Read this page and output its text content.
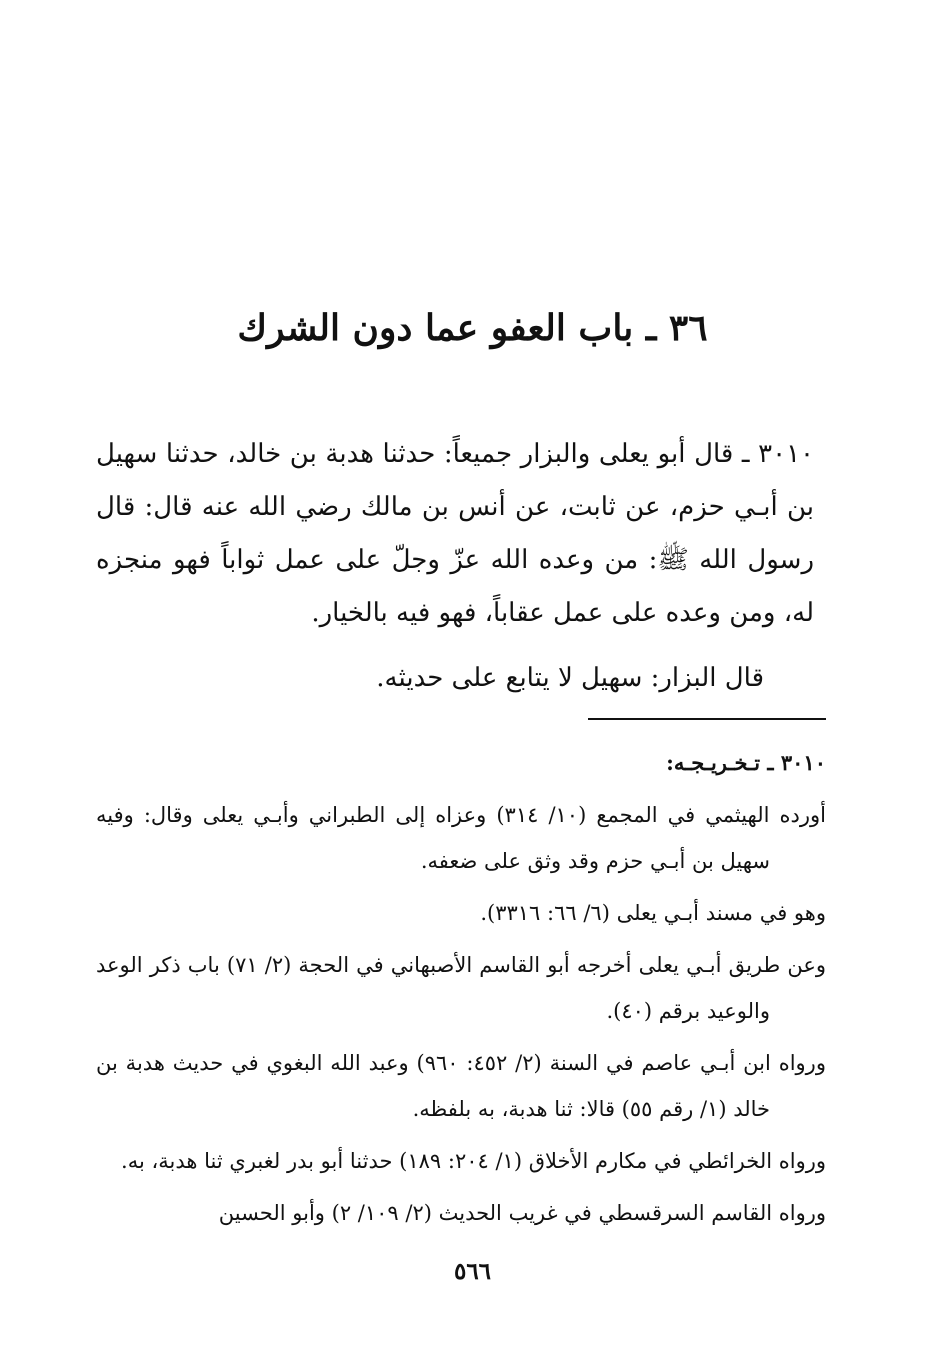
٣٦ ـ باب العفو عما دون الشرك

٣٠١٠ ـ قال أبو يعلى والبزار جميعاً: حدثنا هدبة بن خالد، حدثنا سهيل بن أبـي حزم، عن ثابت، عن أنس بن مالك رضي الله عنه قال: قال رسول الله ﷺ: من وعده الله عزّ وجلّ على عمل ثواباً فهو منجزه له، ومن وعده على عمل عقاباً، فهو فيه بالخيار.

قال البزار: سهيل لا يتابع على حديثه.

٣٠١٠ ـ تـخـريـجـه:

أورده الهيثمي في المجمع (١٠/ ٣١٤) وعزاه إلى الطبراني وأبـي يعلى وقال: وفيه سهيل بن أبـي حزم وقد وثق على ضعفه.

وهو في مسند أبـي يعلى (٦/ ٦٦: ٣٣١٦).

وعن طريق أبـي يعلى أخرجه أبو القاسم الأصبهاني في الحجة (٢/ ٧١) باب ذكر الوعد والوعيد برقم (٤٠).

ورواه ابن أبـي عاصم في السنة (٢/ ٤٥٢: ٩٦٠) وعبد الله البغوي في حديث هدبة بن خالد (١/ رقم ٥٥) قالا: ثنا هدبة، به بلفظه.

ورواه الخرائطي في مكارم الأخلاق (١/ ٢٠٤: ١٨٩) حدثنا أبو بدر لغبري ثنا هدبة، به.

ورواه القاسم السرقسطي في غريب الحديث (٢/ ١٠٩/ ٢) وأبو الحسين

٥٦٦
